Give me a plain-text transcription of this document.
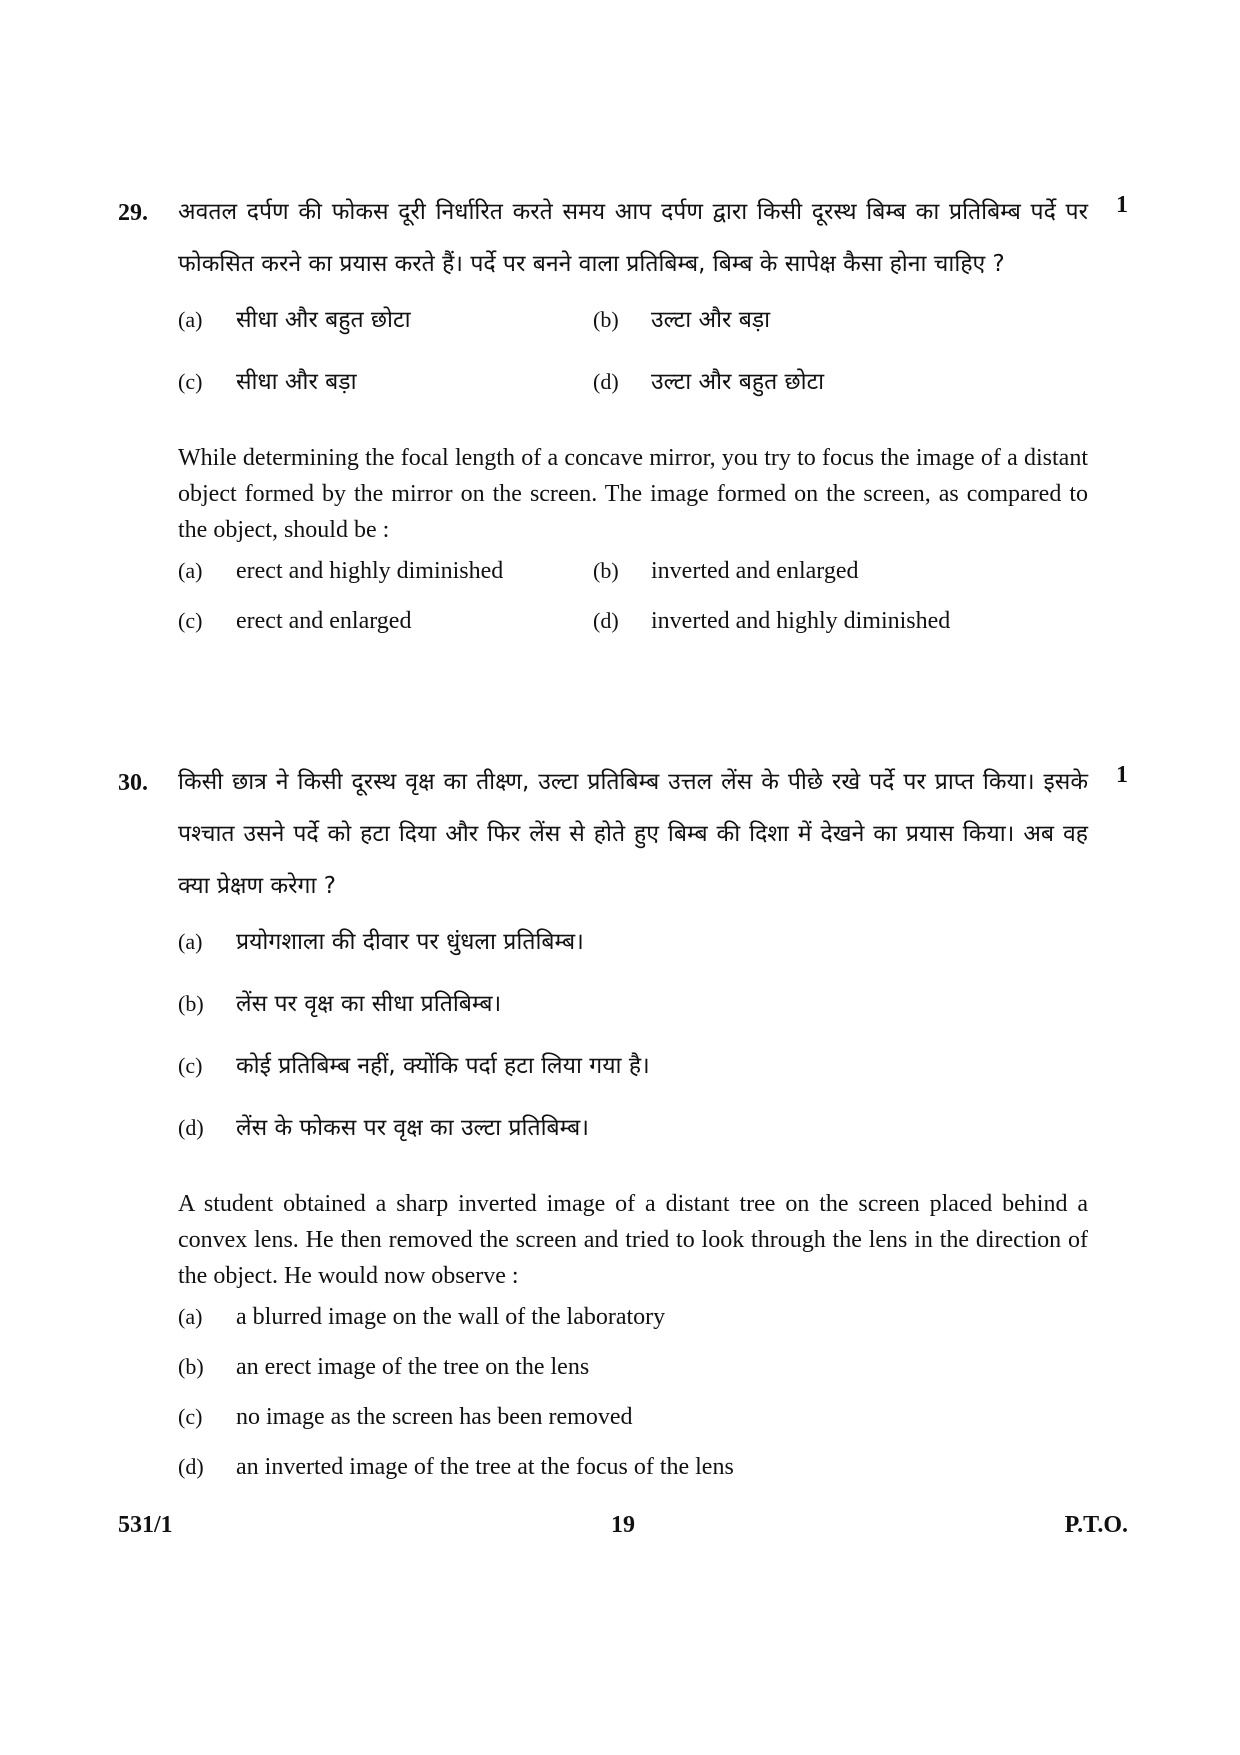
29.	1

अवतल दर्पण की फोकस दूरी निर्धारित करते समय आप दर्पण द्वारा किसी दूरस्थ बिम्ब का प्रतिबिम्ब पर्दे पर फोकसित करने का प्रयास करते हैं। पर्दे पर बनने वाला प्रतिबिम्ब, बिम्ब के सापेक्ष कैसा होना चाहिए ?

(a)	सीधा और बहुत छोटा	(b)	उल्टा और बड़ा
(c)	सीधा और बड़ा	(d)	उल्टा और बहुत छोटा

While determining the focal length of a concave mirror, you try to focus the image of a distant object formed by the mirror on the screen. The image formed on the screen, as compared to the object, should be :

(a)	erect and highly diminished	(b)	inverted and enlarged
(c)	erect and enlarged	(d)	inverted and highly diminished
30.	1

किसी छात्र ने किसी दूरस्थ वृक्ष का तीक्ष्ण, उल्टा प्रतिबिम्ब उत्तल लेंस के पीछे रखे पर्दे पर प्राप्त किया। इसके पश्चात उसने पर्दे को हटा दिया और फिर लेंस से होते हुए बिम्ब की दिशा में देखने का प्रयास किया। अब वह क्या प्रेक्षण करेगा ?

(a)	प्रयोगशाला की दीवार पर धुंधला प्रतिबिम्ब।
(b)	लेंस पर वृक्ष का सीधा प्रतिबिम्ब।
(c)	कोई प्रतिबिम्ब नहीं, क्योंकि पर्दा हटा लिया गया है।
(d)	लेंस के फोकस पर वृक्ष का उल्टा प्रतिबिम्ब।

A student obtained a sharp inverted image of a distant tree on the screen placed behind a convex lens. He then removed the screen and tried to look through the lens in the direction of the object. He would now observe :

(a)	a blurred image on the wall of the laboratory
(b)	an erect image of the tree on the lens
(c)	no image as the screen has been removed
(d)	an inverted image of the tree at the focus of the lens
531/1	19	P.T.O.
